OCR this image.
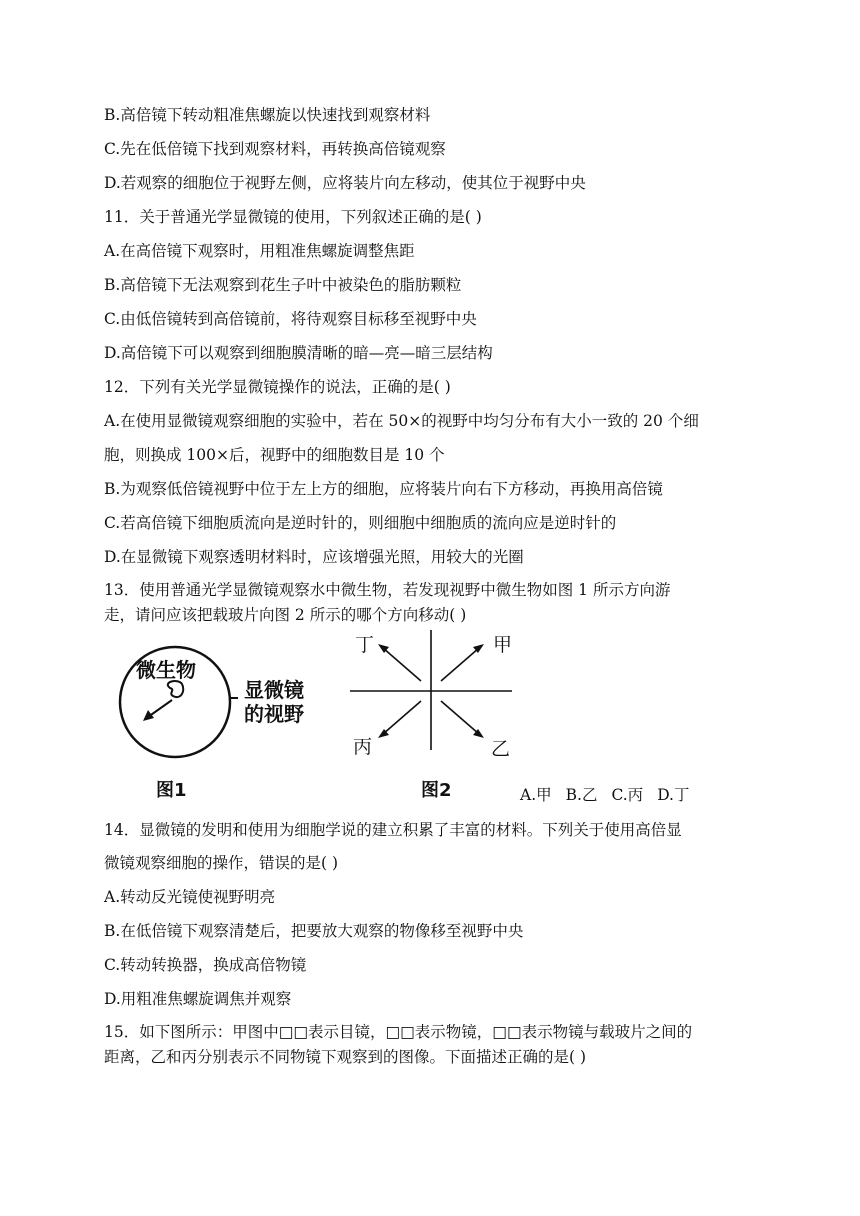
B.高倍镜下转动粗准焦螺旋以快速找到观察材料
C.先在低倍镜下找到观察材料，再转换高倍镜观察
D.若观察的细胞位于视野左侧，应将装片向左移动，使其位于视野中央
11．关于普通光学显微镜的使用，下列叙述正确的是( )
A.在高倍镜下观察时，用粗准焦螺旋调整焦距
B.高倍镜下无法观察到花生子叶中被染色的脂肪颗粒
C.由低倍镜转到高倍镜前，将待观察目标移至视野中央
D.高倍镜下可以观察到细胞膜清晰的暗—亮—暗三层结构
12．下列有关光学显微镜操作的说法，正确的是( )
A.在使用显微镜观察细胞的实验中，若在 50×的视野中均匀分布有大小一致的 20 个细
胞，则换成 100×后，视野中的细胞数目是 10 个
B.为观察低倍镜视野中位于左上方的细胞，应将装片向右下方移动，再换用高倍镜
C.若高倍镜下细胞质流向是逆时针的，则细胞中细胞质的流向应是逆时针的
D.在显微镜下观察透明材料时，应该增强光照，用较大的光圈
13．使用普通光学显微镜观察水中微生物，若发现视野中微生物如图 1 所示方向游
走，请问应该把载玻片向图 2 所示的哪个方向移动( )
微生物
显微镜
的视野
图1
丁	甲
丙	乙
图2	A.甲 B.乙 C.丙 D.丁
14．显微镜的发明和使用为细胞学说的建立积累了丰富的材料。下列关于使用高倍显
微镜观察细胞的操作，错误的是( )
A.转动反光镜使视野明亮
B.在低倍镜下观察清楚后，把要放大观察的物像移至视野中央
C.转动转换器，换成高倍物镜
D.用粗准焦螺旋调焦并观察
15．如下图所示：甲图中□□表示目镜，□□表示物镜，□□表示物镜与载玻片之间的
距离，乙和丙分别表示不同物镜下观察到的图像。下面描述正确的是( )
